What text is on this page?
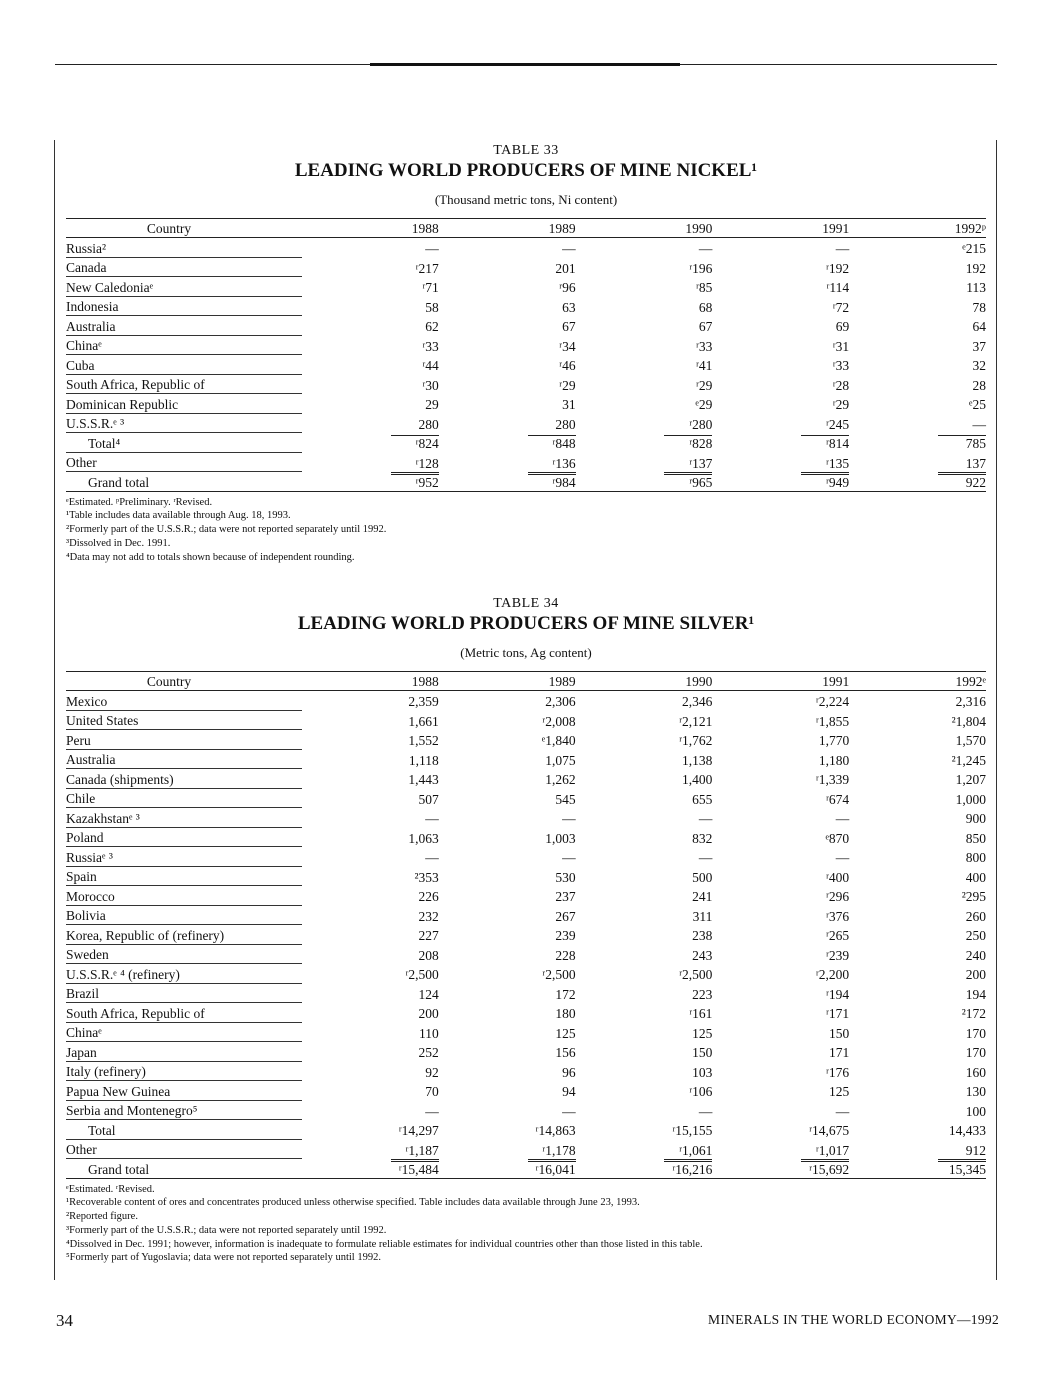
TABLE 33
LEADING WORLD PRODUCERS OF MINE NICKEL¹
(Thousand metric tons, Ni content)
Country	1988	1989	1990	1991	1992ᵖ
Russia²	—	—	—	—	ᵉ215
Canada	ʳ217	201	ʳ196	ʳ192	192
New Caledoniaᵉ	ʳ71	ʳ96	ʳ85	ʳ114	113
Indonesia	58	63	68	ʳ72	78
Australia	62	67	67	69	64
Chinaᵉ	ʳ33	ʳ34	ʳ33	ʳ31	37
Cuba	ʳ44	ʳ46	ʳ41	ʳ33	32
South Africa, Republic of	ʳ30	ʳ29	ʳ29	ʳ28	28
Dominican Republic	29	31	ᵉ29	ʳ29	ᵉ25
U.S.S.R.ᵉ ³	280	280	ʳ280	ʳ245	—
Total⁴	ʳ824	ʳ848	ʳ828	ʳ814	785
Other	ʳ128	ʳ136	ʳ137	ʳ135	137
Grand total	ʳ952	ʳ984	ʳ965	ʳ949	922
ᵉEstimated. ᵖPreliminary. ʳRevised.
¹Table includes data available through Aug. 18, 1993.
²Formerly part of the U.S.S.R.; data were not reported separately until 1992.
³Dissolved in Dec. 1991.
⁴Data may not add to totals shown because of independent rounding.
TABLE 34
LEADING WORLD PRODUCERS OF MINE SILVER¹
(Metric tons, Ag content)
Country	1988	1989	1990	1991	1992ᵉ
Mexico	2,359	2,306	2,346	ʳ2,224	2,316
United States	1,661	ʳ2,008	ʳ2,121	ʳ1,855	²1,804
Peru	1,552	ᵉ1,840	ʳ1,762	1,770	1,570
Australia	1,118	1,075	1,138	1,180	²1,245
Canada (shipments)	1,443	1,262	1,400	ʳ1,339	1,207
Chile	507	545	655	ʳ674	1,000
Kazakhstanᵉ ³	—	—	—	—	900
Poland	1,063	1,003	832	ᵉ870	850
Russiaᵉ ³	—	—	—	—	800
Spain	²353	530	500	ʳ400	400
Morocco	226	237	241	ʳ296	²295
Bolivia	232	267	311	ʳ376	260
Korea, Republic of (refinery)	227	239	238	ʳ265	250
Sweden	208	228	243	ʳ239	240
U.S.S.R.ᵉ ⁴ (refinery)	ʳ2,500	ʳ2,500	ʳ2,500	ʳ2,200	200
Brazil	124	172	223	ʳ194	194
South Africa, Republic of	200	180	ʳ161	ʳ171	²172
Chinaᵉ	110	125	125	150	170
Japan	252	156	150	171	170
Italy (refinery)	92	96	103	ʳ176	160
Papua New Guinea	70	94	ʳ106	125	130
Serbia and Montenegro⁵	—	—	—	—	100
Total	ʳ14,297	ʳ14,863	ʳ15,155	ʳ14,675	14,433
Other	ʳ1,187	ʳ1,178	ʳ1,061	ʳ1,017	912
Grand total	ʳ15,484	ʳ16,041	ʳ16,216	ʳ15,692	15,345
ᵉEstimated. ʳRevised.
¹Recoverable content of ores and concentrates produced unless otherwise specified. Table includes data available through June 23, 1993.
²Reported figure.
³Formerly part of the U.S.S.R.; data were not reported separately until 1992.
⁴Dissolved in Dec. 1991; however, information is inadequate to formulate reliable estimates for individual countries other than those listed in this table.
⁵Formerly part of Yugoslavia; data were not reported separately until 1992.
34	MINERALS IN THE WORLD ECONOMY—1992
